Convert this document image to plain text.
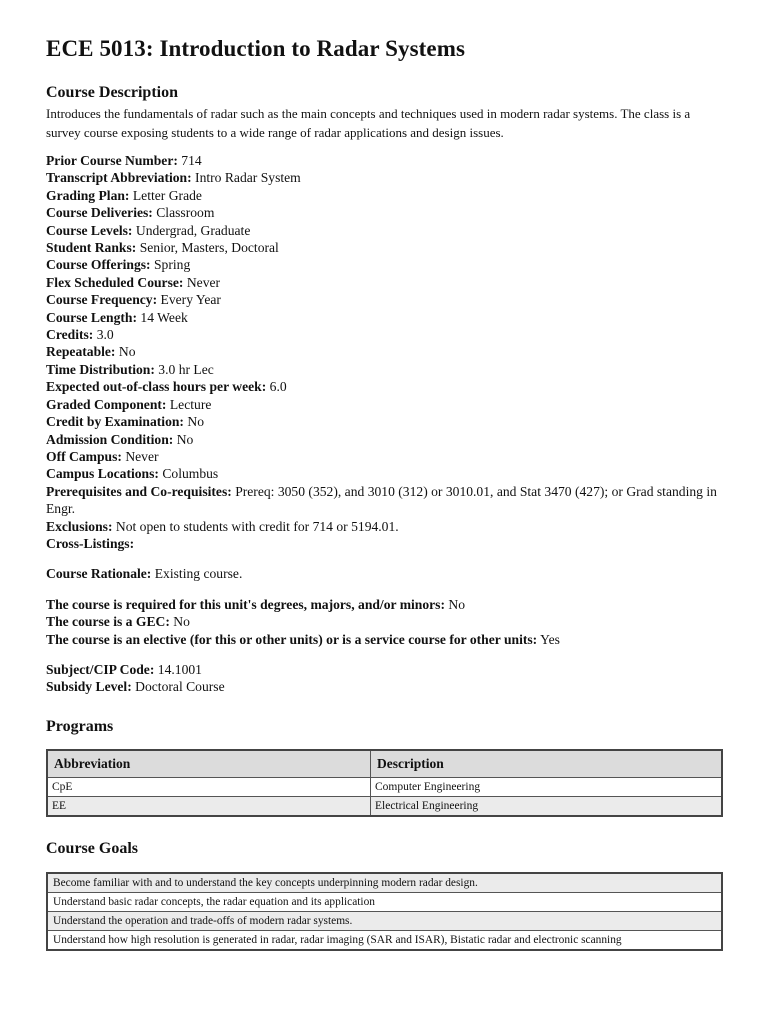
ECE 5013: Introduction to Radar Systems
Course Description

Introduces the fundamentals of radar such as the main concepts and techniques used in modern radar systems. The class is a survey course exposing students to a wide range of radar applications and design issues.

Prior Course Number: 714
Transcript Abbreviation: Intro Radar System
Grading Plan: Letter Grade
Course Deliveries: Classroom
Course Levels: Undergrad, Graduate
Student Ranks: Senior, Masters, Doctoral
Course Offerings: Spring
Flex Scheduled Course: Never
Course Frequency: Every Year
Course Length: 14 Week
Credits: 3.0
Repeatable: No
Time Distribution: 3.0 hr Lec
Expected out-of-class hours per week: 6.0
Graded Component: Lecture
Credit by Examination: No
Admission Condition: No
Off Campus: Never
Campus Locations: Columbus
Prerequisites and Co-requisites: Prereq: 3050 (352), and 3010 (312) or 3010.01, and Stat 3470 (427); or Grad standing in Engr.
Exclusions: Not open to students with credit for 714 or 5194.01.
Cross-Listings:
Course Rationale: Existing course.
The course is required for this unit's degrees, majors, and/or minors: No
The course is a GEC: No
The course is an elective (for this or other units) or is a service course for other units: Yes
Subject/CIP Code: 14.1001
Subsidy Level: Doctoral Course
Programs
Abbreviation	Description
CpE	Computer Engineering
EE	Electrical Engineering
Course Goals
Become familiar with and to understand the key concepts underpinning modern radar design.
Understand basic radar concepts, the radar equation and its application
Understand the operation and trade-offs of modern radar systems.
Understand how high resolution is generated in radar, radar imaging (SAR and ISAR), Bistatic radar and electronic scanning
